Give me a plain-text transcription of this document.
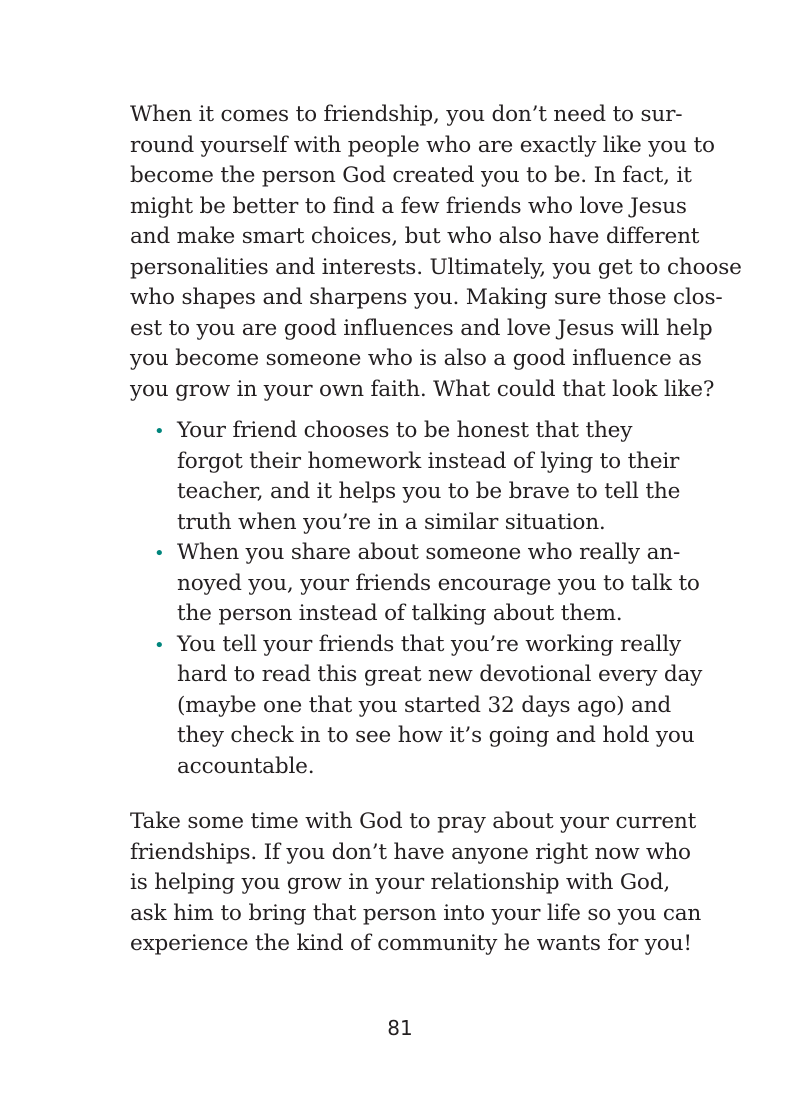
When it comes to friendship, you don’t need to sur-
round yourself with people who are exactly like you to
become the person God created you to be. In fact, it
might be better to find a few friends who love Jesus
and make smart choices, but who also have different
personalities and interests. Ultimately, you get to choose
who shapes and sharpens you. Making sure those clos-
est to you are good influences and love Jesus will help
you become someone who is also a good influence as
you grow in your own faith. What could that look like?
• Your friend chooses to be honest that they
forgot their homework instead of lying to their
teacher, and it helps you to be brave to tell the
truth when you’re in a similar situation.
• When you share about someone who really an-
noyed you, your friends encourage you to talk to
the person instead of talking about them.
• You tell your friends that you’re working really
hard to read this great new devotional every day
(maybe one that you started 32 days ago) and
they check in to see how it’s going and hold you
accountable.
Take some time with God to pray about your current
friendships. If you don’t have anyone right now who
is helping you grow in your relationship with God,
ask him to bring that person into your life so you can
experience the kind of community he wants for you!
81
